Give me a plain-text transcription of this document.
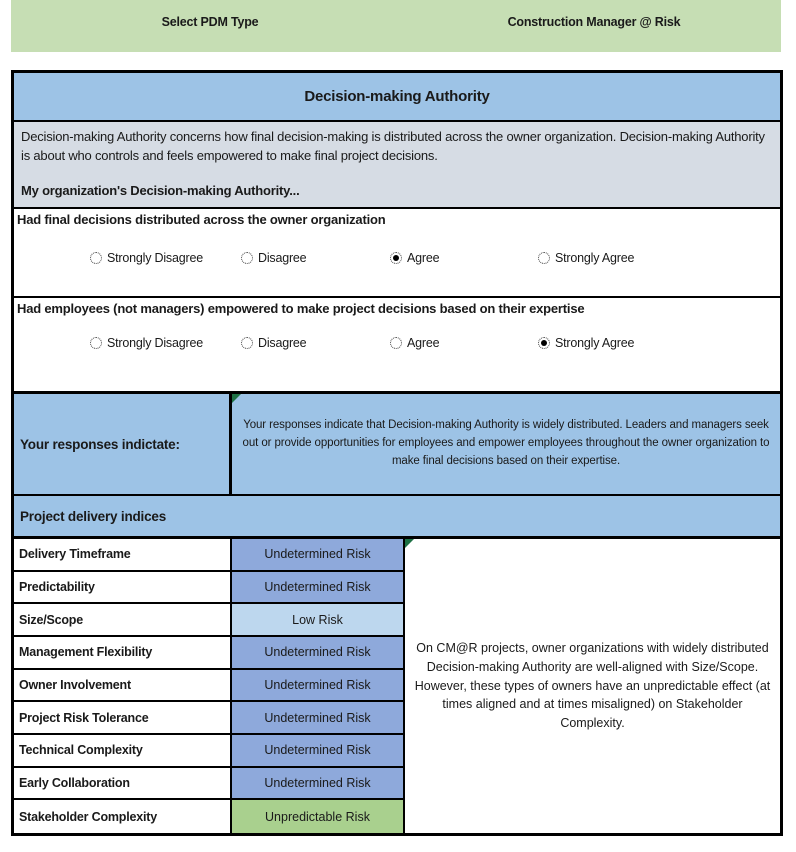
Select PDM Type	Construction Manager @ Risk
Decision-making Authority

Decision-making Authority concerns how final decision-making is distributed across the owner organization. Decision-making Authority is about who controls and feels empowered to make final project decisions.

My organization's Decision-making Authority...

Had final decisions distributed across the owner organization
Strongly Disagree	Disagree	Agree	Strongly Agree
Had employees (not managers) empowered to make project decisions based on their expertise
Strongly Disagree	Disagree	Agree	Strongly Agree
Your responses indictate:
Your responses indicate that Decision-making Authority is widely distributed. Leaders and managers seek out or provide opportunities for employees and empower employees throughout the owner organization to make final decisions based on their expertise.
Project delivery indices
On CM@R projects, owner organizations with widely distributed Decision-making Authority are well-aligned with Size/Scope. However, these types of owners have an unpredictable effect (at times aligned and at times misaligned) on Stakeholder Complexity.
Delivery Timeframe	Undetermined Risk
Predictability	Undetermined Risk
Size/Scope	Low Risk
Management Flexibility	Undetermined Risk
Owner Involvement	Undetermined Risk
Project Risk Tolerance	Undetermined Risk
Technical Complexity	Undetermined Risk
Early Collaboration	Undetermined Risk
Stakeholder Complexity	Unpredictable Risk
